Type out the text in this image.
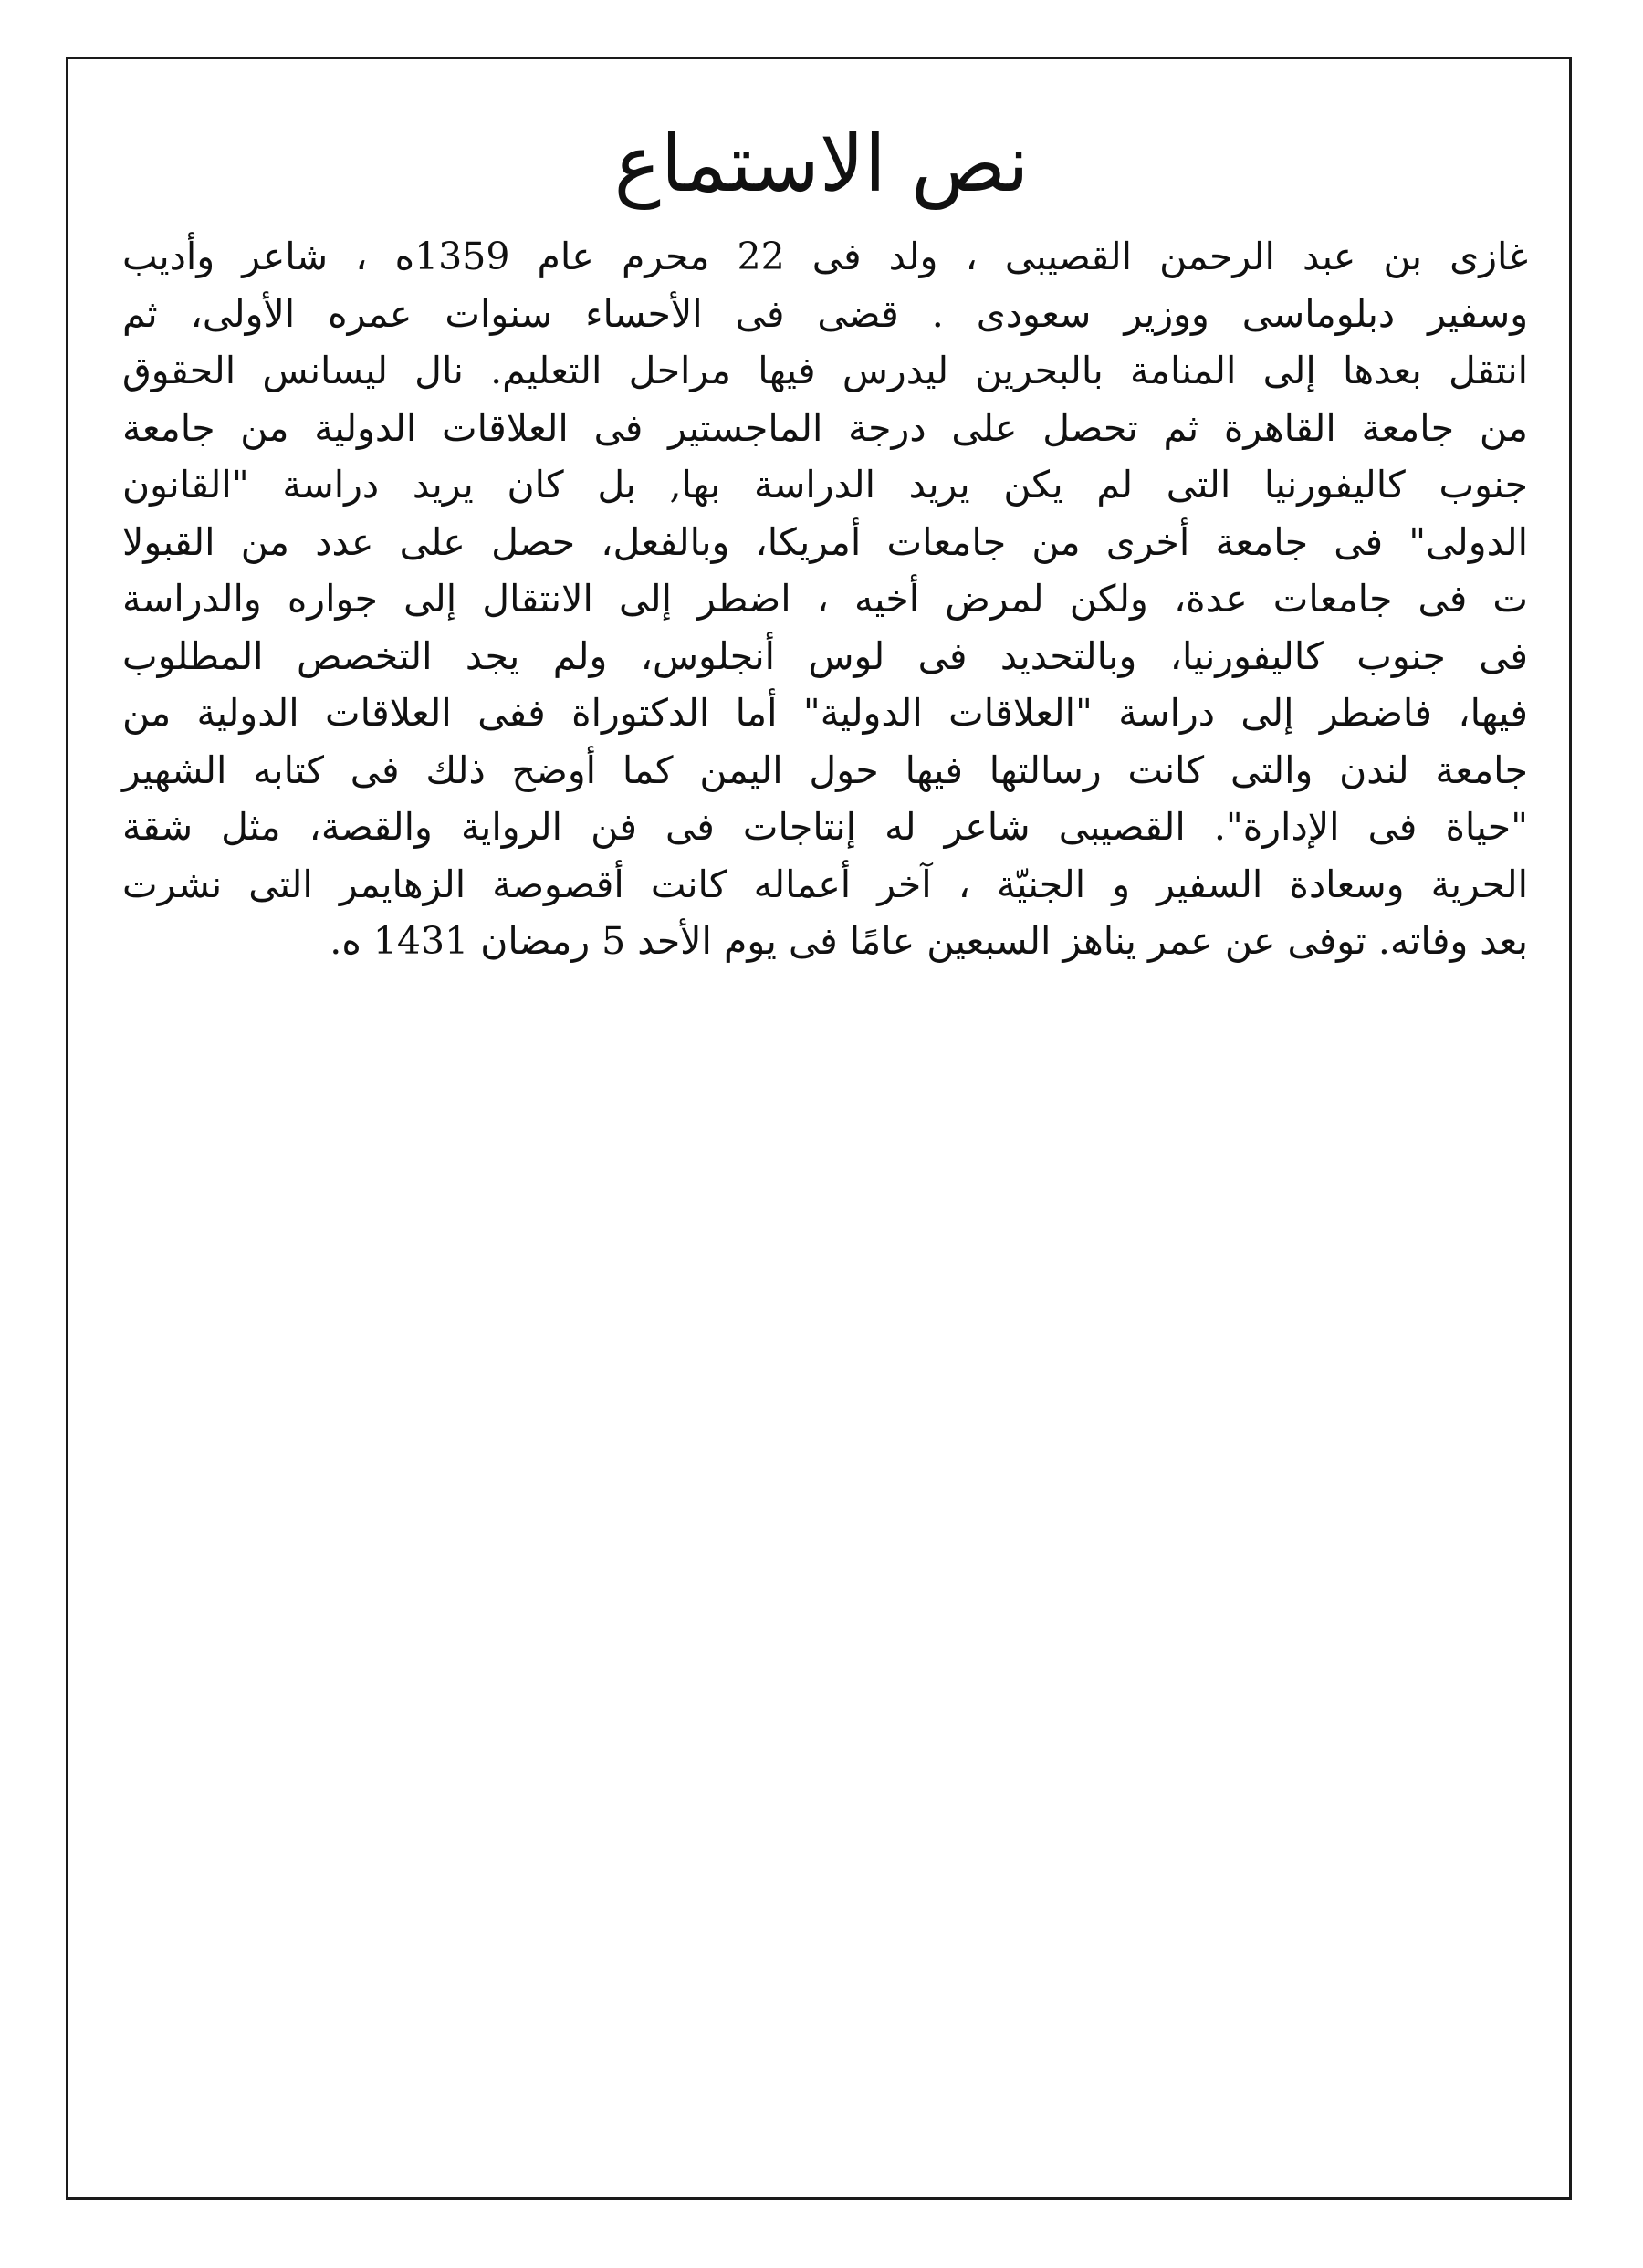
نص الاستماع
غازى بن عبد الرحمن القصيبى ، ولد فى 22 محرم عام 1359ه ، شاعر وأديب
وسفير دبلوماسى ووزير سعودى . قضى فى الأحساء سنوات عمره الأولى، ثم
انتقل بعدها إلى المنامة بالبحرين ليدرس فيها مراحل التعليم. نال ليسانس الحقوق
من جامعة القاهرة ثم تحصل على درجة الماجستير فى العلاقات الدولية من جامعة
جنوب كاليفورنيا التى لم يكن يريد الدراسة بها, بل كان يريد دراسة "القانون
الدولى" فى جامعة أخرى من جامعات أمريكا، وبالفعل، حصل على عدد من القبولا
ت فى جامعات عدة، ولكن لمرض أخيه ، اضطر إلى الانتقال إلى جواره والدراسة
فى جنوب كاليفورنيا، وبالتحديد فى لوس أنجلوس، ولم يجد التخصص المطلوب
فيها، فاضطر إلى دراسة "العلاقات الدولية" أما الدكتوراة ففى العلاقات الدولية من
جامعة لندن والتى كانت رسالتها فيها حول اليمن كما أوضح ذلك فى كتابه الشهير
"حياة فى الإدارة". القصيبى شاعر له إنتاجات فى فن الرواية والقصة، مثل شقة
الحرية وسعادة السفير و الجنيّة ، آخر أعماله كانت أقصوصة الزهايمر التى نشرت
بعد وفاته. توفى عن عمر يناهز السبعين عامًا فى يوم الأحد 5 رمضان 1431 ه.
